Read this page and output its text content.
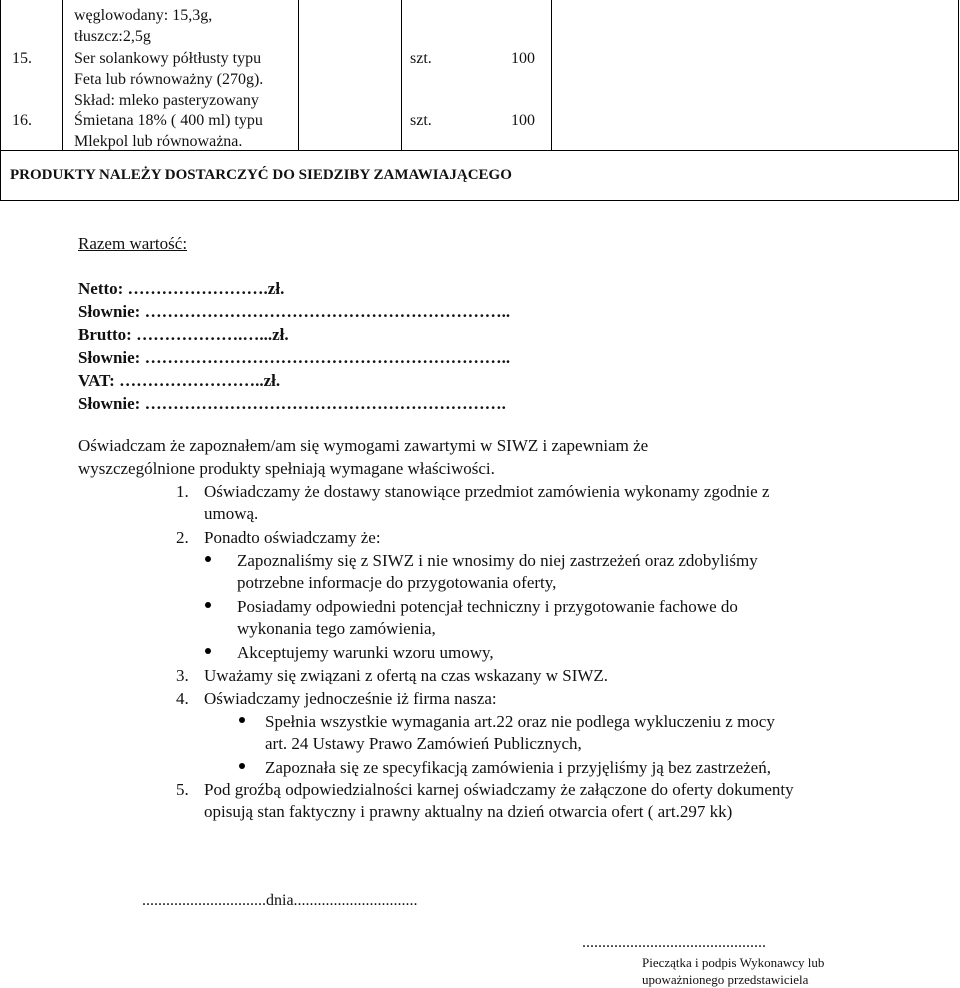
węglowodany: 15,3g,
tłuszcz:2,5g
15.	Ser solankowy półtłusty typu
Feta lub równoważny (270g).
Skład: mleko pasteryzowany
szt.	100
16.	Śmietana 18% ( 400 ml) typu
Mlekpol lub równoważna.
szt.	100
PRODUKTY NALEŻY DOSTARCZYĆ DO SIEDZIBY ZAMAWIAJĄCEGO
Razem wartość:
Netto: …………………….zł.
Słownie: ………………………………………………………..
Brutto: ……………….…...zł.
Słownie: ………………………………………………………..
VAT: ……………………..zł.
Słownie: ……………………………………………………….
Oświadczam że zapoznałem/am się wymogami zawartymi w SIWZ i zapewniam że
wyszczególnione produkty spełniają wymagane właściwości.
1. Oświadczamy że dostawy stanowiące przedmiot zamówienia wykonamy zgodnie z
umową.
2. Ponadto oświadczamy że:
Zapoznaliśmy się z SIWZ i nie wnosimy do niej zastrzeżeń oraz zdobyliśmy
potrzebne informacje do przygotowania oferty,
Posiadamy odpowiedni potencjał techniczny i przygotowanie fachowe do
wykonania tego zamówienia,
Akceptujemy warunki wzoru umowy,
3. Uważamy się związani z ofertą na czas wskazany w SIWZ.
4. Oświadczamy jednocześnie iż firma nasza:
Spełnia wszystkie wymagania art.22 oraz nie podlega wykluczeniu z mocy
art. 24 Ustawy Prawo Zamówień Publicznych,
Zapoznała się ze specyfikacją zamówienia i przyjęliśmy ją bez zastrzeżeń,
5. Pod groźbą odpowiedzialności karnej oświadczamy że załączone do oferty dokumenty
opisują stan faktyczny i prawny aktualny na dzień otwarcia ofert ( art.297 kk)
...............................dnia...............................
..............................................
Pieczątka i podpis Wykonawcy lub
upoważnionego przedstawiciela
